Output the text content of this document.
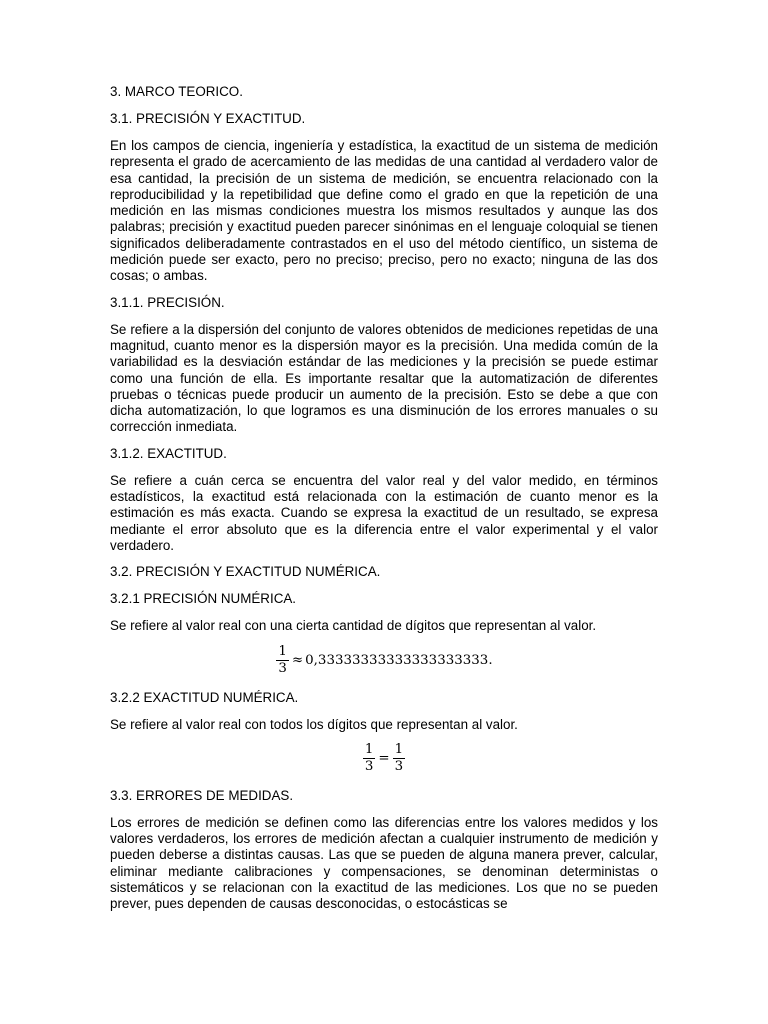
3. MARCO TEORICO.
3.1. PRECISIÓN Y EXACTITUD.
En los campos de ciencia, ingeniería y estadística, la exactitud de un sistema de medición representa el grado de acercamiento de las medidas de una cantidad al verdadero valor de esa cantidad, la precisión de un sistema de medición, se encuentra relacionado con la reproducibilidad y la repetibilidad que define como el grado en que la repetición de una medición en las mismas condiciones muestra los mismos resultados y aunque las dos palabras; precisión y exactitud pueden parecer sinónimas en el lenguaje coloquial se tienen significados deliberadamente contrastados en el uso del método científico, un sistema de medición puede ser exacto, pero no preciso; preciso, pero no exacto; ninguna de las dos cosas; o ambas.
3.1.1. PRECISIÓN.
Se refiere a la dispersión del conjunto de valores obtenidos de mediciones repetidas de una magnitud, cuanto menor es la dispersión mayor es la precisión. Una medida común de la variabilidad es la desviación estándar de las mediciones y la precisión se puede estimar como una función de ella. Es importante resaltar que la automatización de diferentes pruebas o técnicas puede producir un aumento de la precisión. Esto se debe a que con dicha automatización, lo que logramos es una disminución de los errores manuales o su corrección inmediata.
3.1.2. EXACTITUD.
Se refiere a cuán cerca se encuentra del valor real y del valor medido, en términos estadísticos, la exactitud está relacionada con la estimación de cuanto menor es la estimación es más exacta. Cuando se expresa la exactitud de un resultado, se expresa mediante el error absoluto que es la diferencia entre el valor experimental y el valor verdadero.
3.2. PRECISIÓN Y EXACTITUD NUMÉRICA.
3.2.1 PRECISIÓN NUMÉRICA.
Se refiere al valor real con una cierta cantidad de dígitos que representan al valor.
$\frac{1}{3} \approx 0,33333333333333333333$.
3.2.2 EXACTITUD NUMÉRICA.
Se refiere al valor real con todos los dígitos que representan al valor.
$\frac{1}{3} = \frac{1}{3}$
3.3. ERRORES DE MEDIDAS.
Los errores de medición se definen como las diferencias entre los valores medidos y los valores verdaderos, los errores de medición afectan a cualquier instrumento de medición y pueden deberse a distintas causas. Las que se pueden de alguna manera prever, calcular, eliminar mediante calibraciones y compensaciones, se denominan deterministas o sistemáticos y se relacionan con la exactitud de las mediciones. Los que no se pueden prever, pues dependen de causas desconocidas, o estocásticas se
